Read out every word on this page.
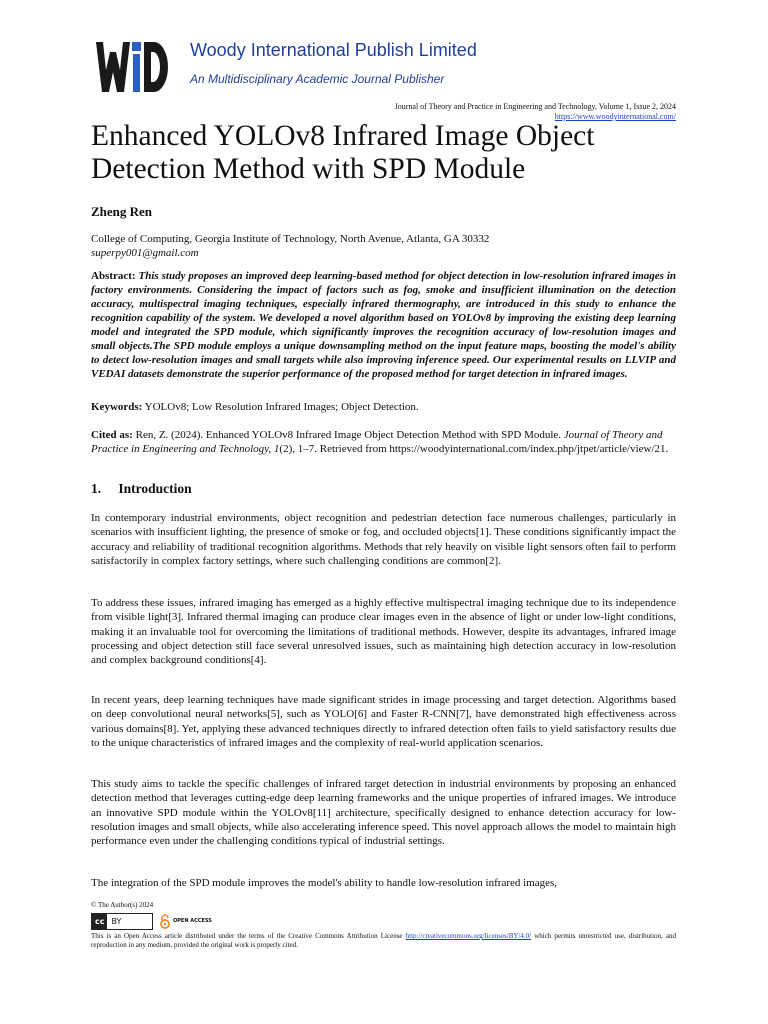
Woody International Publish Limited
An Multidisciplinary Academic Journal Publisher
Journal of Theory and Practice in Engineering and Technology, Volume 1, Issue 2, 2024
https://www.woodyinternational.com/
Enhanced YOLOv8 Infrared Image Object Detection Method with SPD Module
Zheng Ren
College of Computing, Georgia Institute of Technology, North Avenue, Atlanta, GA 30332
superpy001@gmail.com
Abstract: This study proposes an improved deep learning-based method for object detection in low-resolution infrared images in factory environments. Considering the impact of factors such as fog, smoke and insufficient illumination on the detection accuracy, multispectral imaging techniques, especially infrared thermography, are introduced in this study to enhance the recognition capability of the system. We developed a novel algorithm based on YOLOv8 by improving the existing deep learning model and integrated the SPD module, which significantly improves the recognition accuracy of low-resolution images and small objects.The SPD module employs a unique downsampling method on the input feature maps, boosting the model's ability to detect low-resolution images and small targets while also improving inference speed. Our experimental results on LLVIP and VEDAI datasets demonstrate the superior performance of the proposed method for target detection in infrared images.
Keywords: YOLOv8; Low Resolution Infrared Images; Object Detection.
Cited as: Ren, Z. (2024). Enhanced YOLOv8 Infrared Image Object Detection Method with SPD Module. Journal of Theory and Practice in Engineering and Technology, 1(2), 1–7. Retrieved from https://woodyinternational.com/index.php/jtpet/article/view/21.
1. Introduction

In contemporary industrial environments, object recognition and pedestrian detection face numerous challenges, particularly in scenarios with insufficient lighting, the presence of smoke or fog, and occluded objects[1]. These conditions significantly impact the accuracy and reliability of traditional recognition algorithms. Methods that rely heavily on visible light sensors often fail to perform satisfactorily in complex factory settings, where such challenging conditions are common[2].

To address these issues, infrared imaging has emerged as a highly effective multispectral imaging technique due to its independence from visible light[3]. Infrared thermal imaging can produce clear images even in the absence of light or under low-light conditions, making it an invaluable tool for overcoming the limitations of traditional methods. However, despite its advantages, infrared image processing and object detection still face several unresolved issues, such as maintaining high detection accuracy in low-resolution and complex background conditions[4].

In recent years, deep learning techniques have made significant strides in image processing and target detection. Algorithms based on deep convolutional neural networks[5], such as YOLO[6] and Faster R-CNN[7], have demonstrated high effectiveness across various domains[8]. Yet, applying these advanced techniques directly to infrared detection often fails to yield satisfactory results due to the unique characteristics of infrared images and the complexity of real-world application scenarios.

This study aims to tackle the specific challenges of infrared target detection in industrial environments by proposing an enhanced detection method that leverages cutting-edge deep learning frameworks and the unique properties of infrared images. We introduce an innovative SPD module within the YOLOv8[11] architecture, specifically designed to enhance detection accuracy for low-resolution images and small objects, while also accelerating inference speed. This novel approach allows the model to maintain high performance even under the challenging conditions typical of industrial settings.

The integration of the SPD module improves the model's ability to handle low-resolution infrared images,

© The Author(s) 2024
cc BY	OPEN ACCESS
This is an Open Access article distributed under the terms of the Creative Commons Attribution License http://creativecommons.org/licenses/BY/4.0/ which permits unrestricted use, distribution, and reproduction in any medium, provided the original work is properly cited.
